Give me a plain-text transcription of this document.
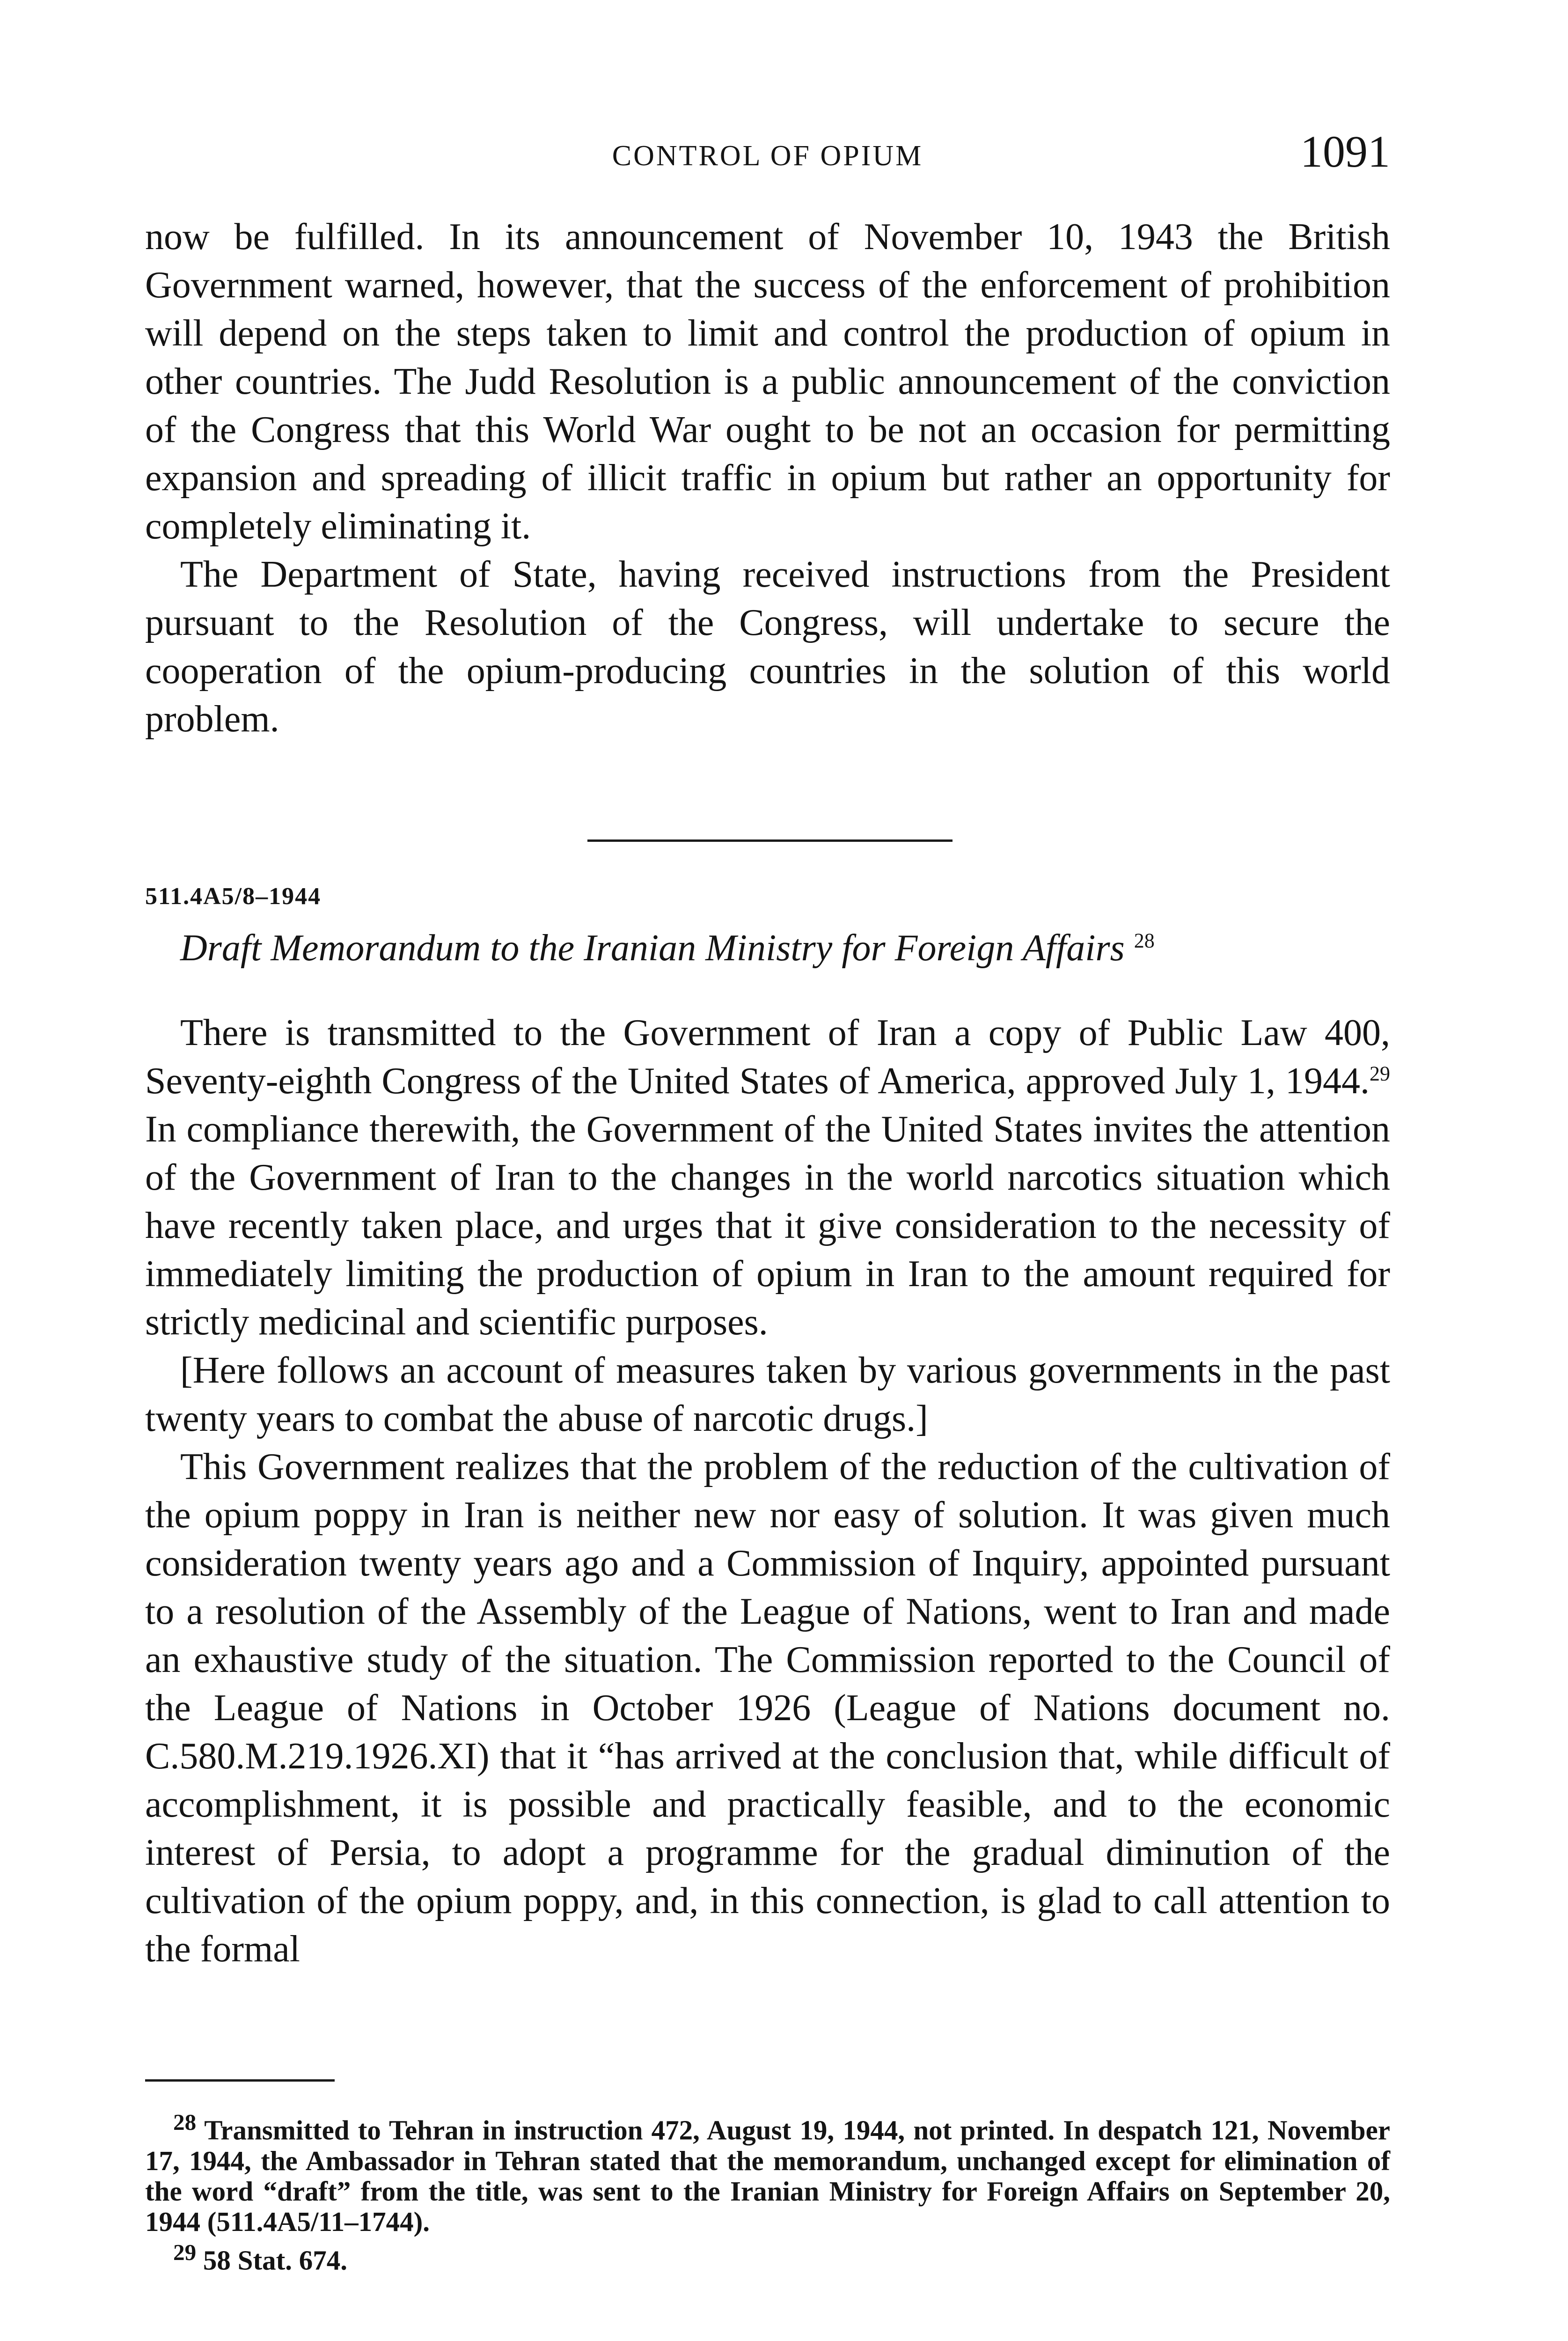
CONTROL OF OPIUM	1091

now be fulfilled. In its announcement of November 10, 1943 the British Government warned, however, that the success of the enforcement of prohibition will depend on the steps taken to limit and control the production of opium in other countries. The Judd Resolution is a public announcement of the conviction of the Congress that this World War ought to be not an occasion for permitting expansion and spreading of illicit traffic in opium but rather an opportunity for completely eliminating it.

The Department of State, having received instructions from the President pursuant to the Resolution of the Congress, will undertake to secure the cooperation of the opium-producing countries in the solution of this world problem.

511.4A5/8–1944
Draft Memorandum to the Iranian Ministry for Foreign Affairs $^{28}$

There is transmitted to the Government of Iran a copy of Public Law 400, Seventy-eighth Congress of the United States of America, approved July 1, 1944.29 In compliance therewith, the Government of the United States invites the attention of the Government of Iran to the changes in the world narcotics situation which have recently taken place, and urges that it give consideration to the necessity of immediately limiting the production of opium in Iran to the amount required for strictly medicinal and scientific purposes.

[Here follows an account of measures taken by various governments in the past twenty years to combat the abuse of narcotic drugs.]

This Government realizes that the problem of the reduction of the cultivation of the opium poppy in Iran is neither new nor easy of solution. It was given much consideration twenty years ago and a Commission of Inquiry, appointed pursuant to a resolution of the Assembly of the League of Nations, went to Iran and made an exhaustive study of the situation. The Commission reported to the Council of the League of Nations in October 1926 (League of Nations document no. C.580.M.219.1926.XI) that it “has arrived at the conclusion that, while difficult of accomplishment, it is possible and practically feasible, and to the economic interest of Persia, to adopt a programme for the gradual diminution of the cultivation of the opium poppy, and, in this connection, is glad to call attention to the formal

$^{28}$ Transmitted to Tehran in instruction 472, August 19, 1944, not printed. In despatch 121, November 17, 1944, the Ambassador in Tehran stated that the memorandum, unchanged except for elimination of the word “draft” from the title, was sent to the Iranian Ministry for Foreign Affairs on September 20, 1944 (511.4A5/11–1744).

$^{29}$ 58 Stat. 674.
